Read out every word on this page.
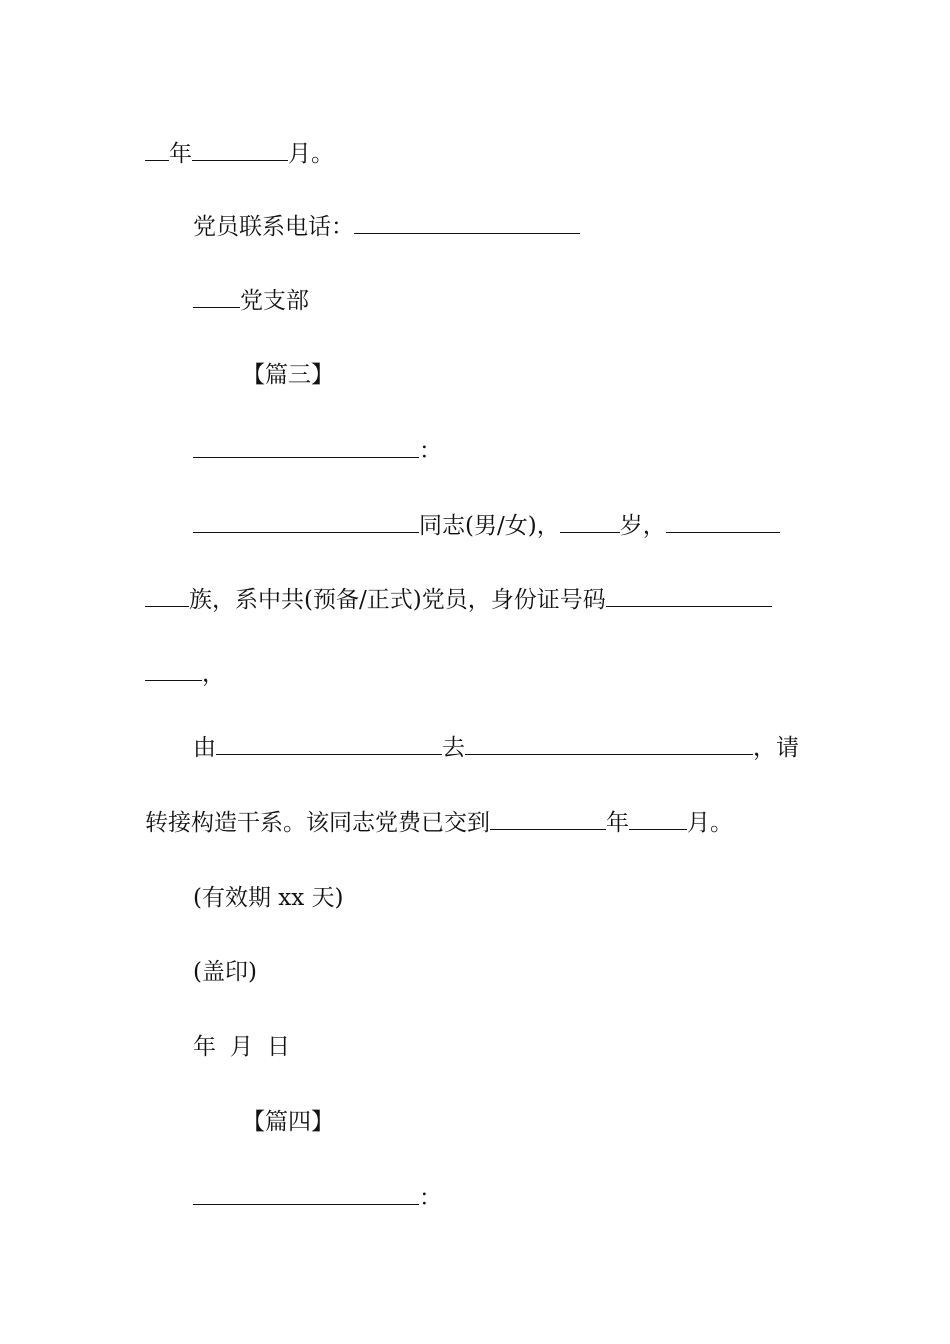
年	月。
党员联系电话：
党支部
【篇三】
：
同志(男/女)，	岁，
族，系中共(预备/正式)党员，身份证号码
，
由	去	，请
转接构造干系。该同志党费已交到	年	月。
(有效期 xx 天)
(盖印)
年 月 日
【篇四】
：
